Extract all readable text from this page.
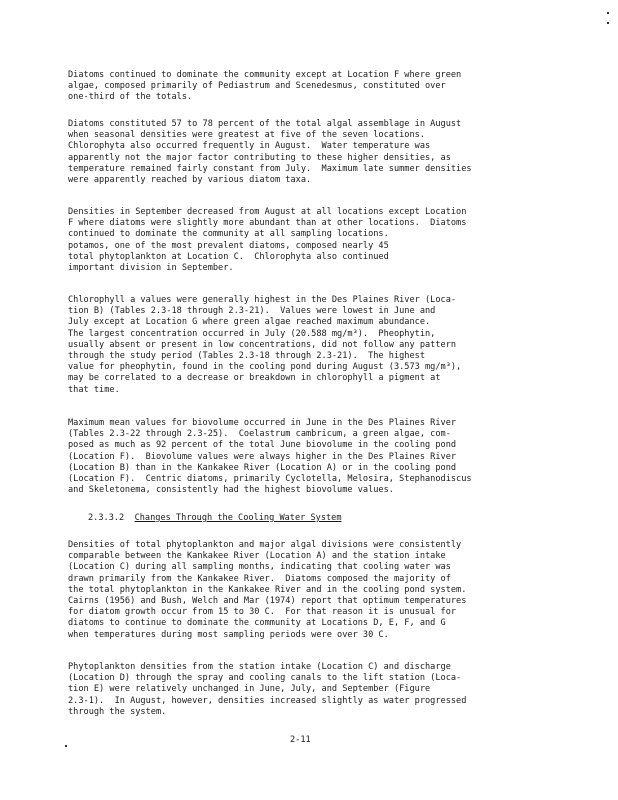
Diatoms continued to dominate the community except at Location F where green
algae, composed primarily of Pediastrum and Scenedesmus, constituted over
one-third of the totals.

Diatoms constituted 57 to 78 percent of the total algal assemblage in August
when seasonal densities were greatest at five of the seven locations.
Chlorophyta also occurred frequently in August.  Water temperature was
apparently not the major factor contributing to these higher densities, as
temperature remained fairly constant from July.  Maximum late summer densities
were apparently reached by various diatom taxa.

Densities in September decreased from August at all locations except Location
F where diatoms were slightly more abundant than at other locations.  Diatoms
continued to dominate the community at all sampling locations.
potamos, one of the most prevalent diatoms, composed nearly 45
total phytoplankton at Location C.  Chlorophyta also continued
important division in September.

Chlorophyll a values were generally highest in the Des Plaines River (Loca-
tion B) (Tables 2.3-18 through 2.3-21).  Values were lowest in June and
July except at Location G where green algae reached maximum abundance.
The largest concentration occurred in July (20.588 mg/m³).  Pheophytin,
usually absent or present in low concentrations, did not follow any pattern
through the study period (Tables 2.3-18 through 2.3-21).  The highest
value for pheophytin, found in the cooling pond during August (3.573 mg/m³),
may be correlated to a decrease or breakdown in chlorophyll a pigment at
that time.

Maximum mean values for biovolume occurred in June in the Des Plaines River
(Tables 2.3-22 through 2.3-25).  Coelastrum cambricum, a green algae, com-
posed as much as 92 percent of the total June biovolume in the cooling pond
(Location F).  Biovolume values were always higher in the Des Plaines River
(Location B) than in the Kankakee River (Location A) or in the cooling pond
(Location F).  Centric diatoms, primarily Cyclotella, Melosira, Stephanodiscus
and Skeletonema, consistently had the highest biovolume values.

2.3.3.2 Changes Through the Cooling Water System

Densities of total phytoplankton and major algal divisions were consistently
comparable between the Kankakee River (Location A) and the station intake
(Location C) during all sampling months, indicating that cooling water was
drawn primarily from the Kankakee River.  Diatoms composed the majority of
the total phytoplankton in the Kankakee River and in the cooling pond system.
Cairns (1956) and Bush, Welch and Mar (1974) report that optimum temperatures
for diatom growth occur from 15 to 30 C.  For that reason it is unusual for
diatoms to continue to dominate the community at Locations D, E, F, and G
when temperatures during most sampling periods were over 30 C.

Phytoplankton densities from the station intake (Location C) and discharge
(Location D) through the spray and cooling canals to the lift station (Loca-
tion E) were relatively unchanged in June, July, and September (Figure
2.3-1).  In August, however, densities increased slightly as water progressed
through the system.

2-11
